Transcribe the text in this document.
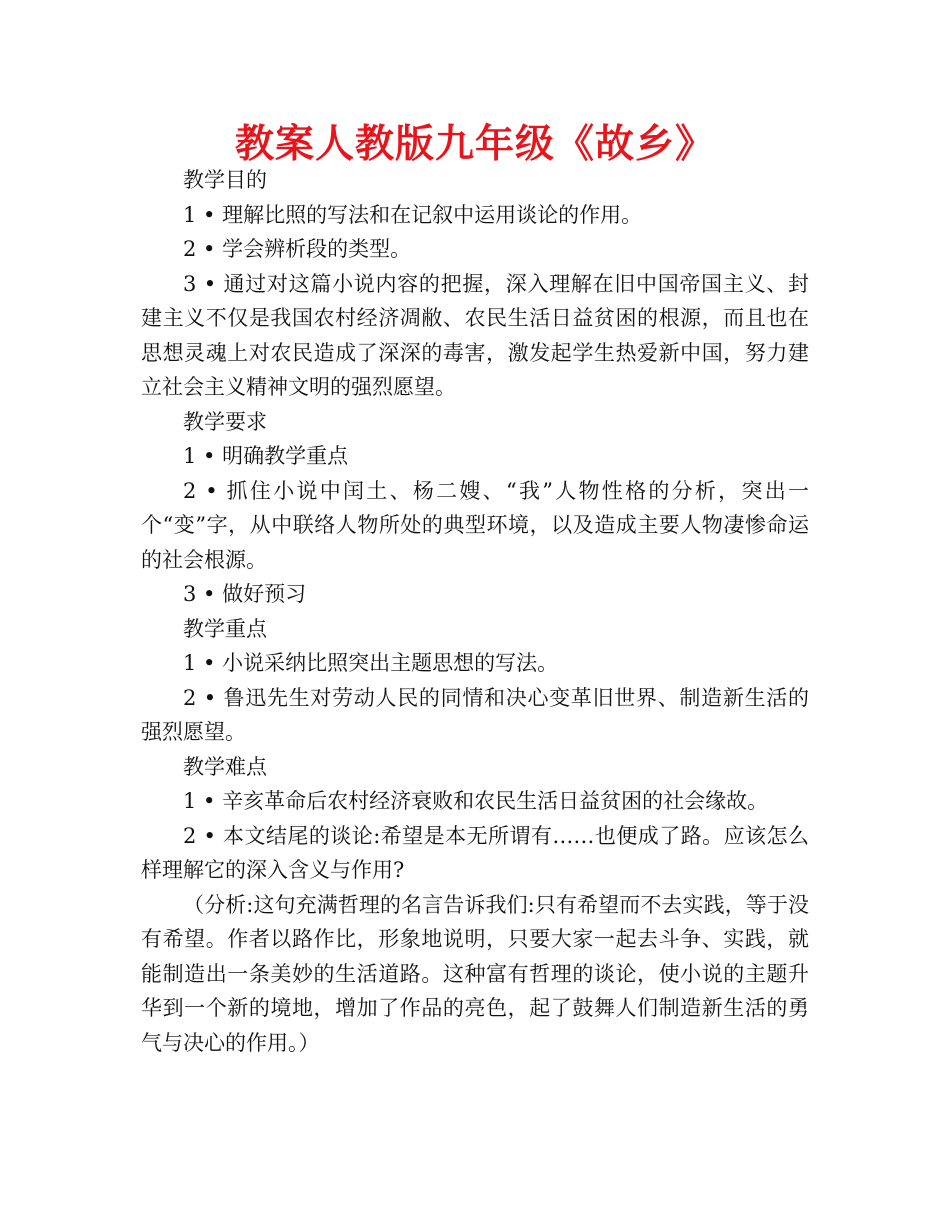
教案人教版九年级《故乡》

教学目的

1 • 理解比照的写法和在记叙中运用谈论的作用。

2 • 学会辨析段的类型。

3 • 通过对这篇小说内容的把握，深入理解在旧中国帝国主义、封建主义不仅是我国农村经济凋敝、农民生活日益贫困的根源，而且也在思想灵魂上对农民造成了深深的毒害，激发起学生热爱新中国，努力建立社会主义精神文明的强烈愿望。

教学要求

1 • 明确教学重点

2 • 抓住小说中闰土、杨二嫂、“我”人物性格的分析，突出一个“变”字，从中联络人物所处的典型环境，以及造成主要人物凄惨命运的社会根源。

3 • 做好预习

教学重点

1 • 小说采纳比照突出主题思想的写法。

2 • 鲁迅先生对劳动人民的同情和决心变革旧世界、制造新生活的强烈愿望。

教学难点

1 • 辛亥革命后农村经济衰败和农民生活日益贫困的社会缘故。

2 • 本文结尾的谈论:希望是本无所谓有……也便成了路。应该怎么样理解它的深入含义与作用?

（分析:这句充满哲理的名言告诉我们:只有希望而不去实践，等于没有希望。作者以路作比，形象地说明，只要大家一起去斗争、实践，就能制造出一条美妙的生活道路。这种富有哲理的谈论，使小说的主题升华到一个新的境地，增加了作品的亮色，起了鼓舞人们制造新生活的勇气与决心的作用。）
